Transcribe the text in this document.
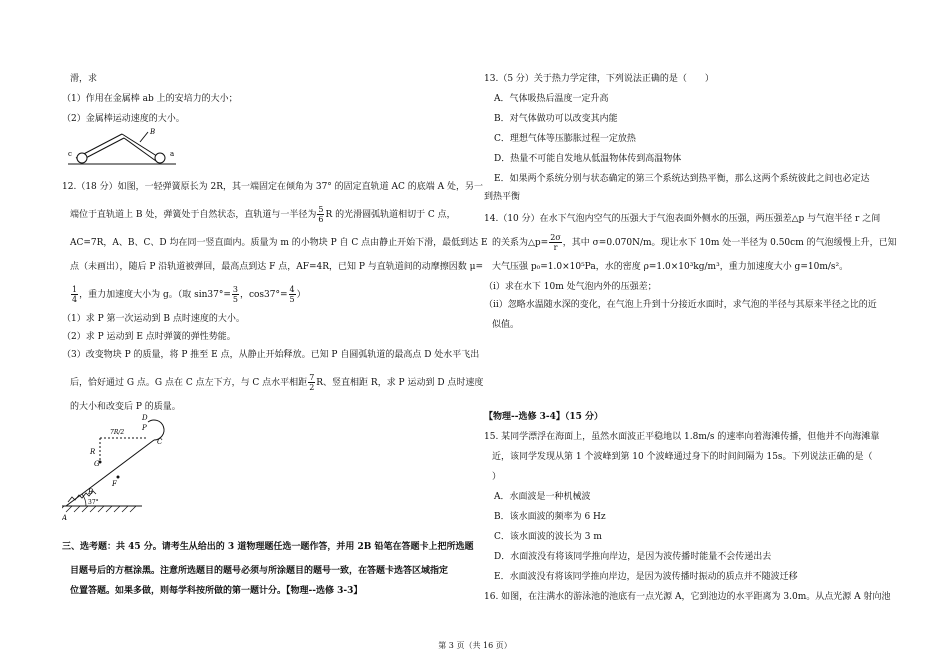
滑，求
（1）作用在金属棒 ab 上的安培力的大小；
（2）金属棒运动速度的大小。
c
B
a
12.（18 分）如图，一轻弹簧原长为 2R，其一端固定在倾角为 37° 的固定直轨道 AC 的底端 A 处，另一
端位于直轨道上 B 处，弹簧处于自然状态，直轨道与一半径为 $\frac{5}{6}$ R 的光滑圆弧轨道相切于 C 点，
AC=7R，A、B、C、D 均在同一竖直面内。质量为 m 的小物块 P 自 C 点由静止开始下滑，最低到达 E
点（未画出），随后 P 沿轨道被弹回，最高点到达 F 点，AF=4R，已知 P 与直轨道间的动摩擦因数 μ=
$\frac{1}{4}$ ，重力加速度大小为 g。（取 $\sin 37^\circ= \frac{3}{5}$ ，$\cos 37^\circ= \frac{4}{5}$ ）
（1）求 P 第一次运动到 B 点时速度的大小。
（2）求 P 运动到 E 点时弹簧的弹性势能。
（3）改变物块 P 的质量，将 P 推至 E 点，从静止开始释放。已知 P 自圆弧轨道的最高点 D 处水平飞出
后，恰好通过 G 点。G 点在 C 点左下方，与 C 点水平相距 $\frac{7}{2}$ R、竖直相距 R，求 P 运动到 D 点时速度
的大小和改变后 P 的质量。
D
P
C
7R/2
R
G
F
B
37°
A
三、选考题：共 45 分。请考生从给出的 3 道物理题任选一题作答，并用 2B 铅笔在答题卡上把所选题
目题号后的方框涂黑。注意所选题目的题号必须与所涂题目的题号一致，在答题卡选答区域指定
位置答题。如果多做，则每学科按所做的第一题计分。【物理--选修 3-3】
13.（5 分）关于热力学定律，下列说法正确的是（　　）
A．气体吸热后温度一定升高
B．对气体做功可以改变其内能
C．理想气体等压膨胀过程一定放热
D．热量不可能自发地从低温物体传到高温物体
E．如果两个系统分别与状态确定的第三个系统达到热平衡，那么这两个系统彼此之间也必定达
到热平衡
14.（10 分）在水下气泡内空气的压强大于气泡表面外侧水的压强，两压强差△p 与气泡半径 r 之间
的关系为△p= $\frac{2\sigma}{r}$ ，其中 σ=0.070N/m。现让水下 10m 处一半径为 0.50cm 的气泡缓慢上升，已知
大气压强 p₀=1.0×10⁵Pa，水的密度 ρ=1.0×10³kg/m³，重力加速度大小 g=10m/s²。
（i）求在水下 10m 处气泡内外的压强差；
（ii）忽略水温随水深的变化，在气泡上升到十分接近水面时，求气泡的半径与其原来半径之比的近
似值。
【物理--选修 3-4】（15 分）
15. 某同学漂浮在海面上，虽然水面波正平稳地以 1.8m/s 的速率向着海滩传播，但他并不向海滩靠
近，该同学发现从第 1 个波峰到第 10 个波峰通过身下的时间间隔为 15s。下列说法正确的是（
）
A．水面波是一种机械波
B．该水面波的频率为 6 Hz
C．该水面波的波长为 3 m
D．水面波没有将该同学推向岸边，是因为波传播时能量不会传递出去
E．水面波没有将该同学推向岸边，是因为波传播时振动的质点并不随波迁移
16. 如图，在注满水的游泳池的池底有一点光源 A，它到池边的水平距离为 3.0m。从点光源 A 射向池
第 3 页（共 16 页）
